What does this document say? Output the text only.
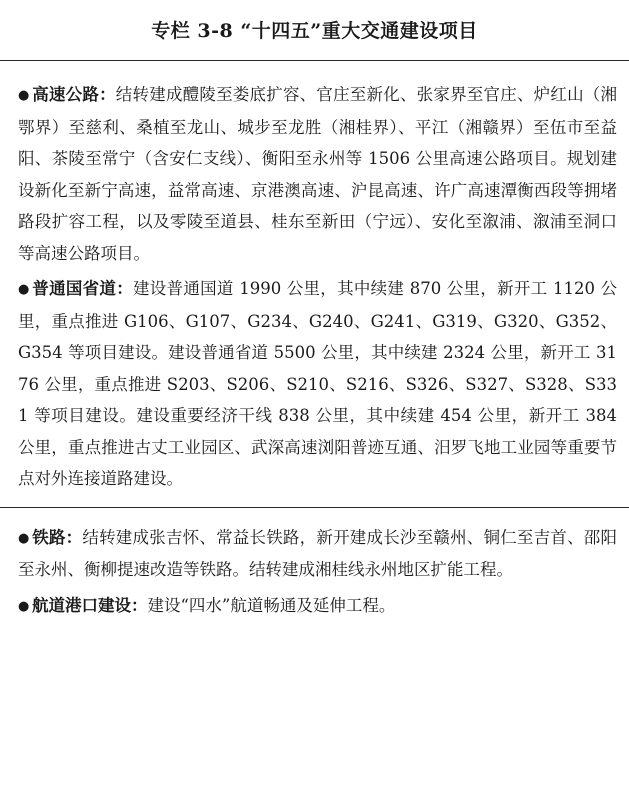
专栏 3-8 “十四五”重大交通建设项目

● 高速公路：结转建成醴陵至娄底扩容、官庄至新化、张家界至官庄、炉红山（湘鄂界）至慈利、桑植至龙山、城步至龙胜（湘桂界）、平江（湘赣界）至伍市至益阳、茶陵至常宁（含安仁支线）、衡阳至永州等 1506 公里高速公路项目。规划建设新化至新宁高速，益常高速、京港澳高速、沪昆高速、许广高速潭衡西段等拥堵路段扩容工程，以及零陵至道县、桂东至新田（宁远）、安化至溆浦、溆浦至洞口等高速公路项目。

● 普通国省道：建设普通国道 1990 公里，其中续建 870 公里，新开工 1120 公里，重点推进 G106、G107、G234、G240、G241、G319、G320、G352、G354 等项目建设。建设普通省道 5500 公里，其中续建 2324 公里，新开工 3176 公里，重点推进 S203、S206、S210、S216、S326、S327、S328、S331 等项目建设。建设重要经济干线 838 公里，其中续建 454 公里，新开工 384 公里，重点推进古丈工业园区、武深高速浏阳普迹互通、汨罗飞地工业园等重要节点对外连接道路建设。

● 铁路：结转建成张吉怀、常益长铁路，新开建成长沙至赣州、铜仁至吉首、邵阳至永州、衡柳提速改造等铁路。结转建成湘桂线永州地区扩能工程。

● 航道港口建设：建设“四水”航道畅通及延伸工程。
